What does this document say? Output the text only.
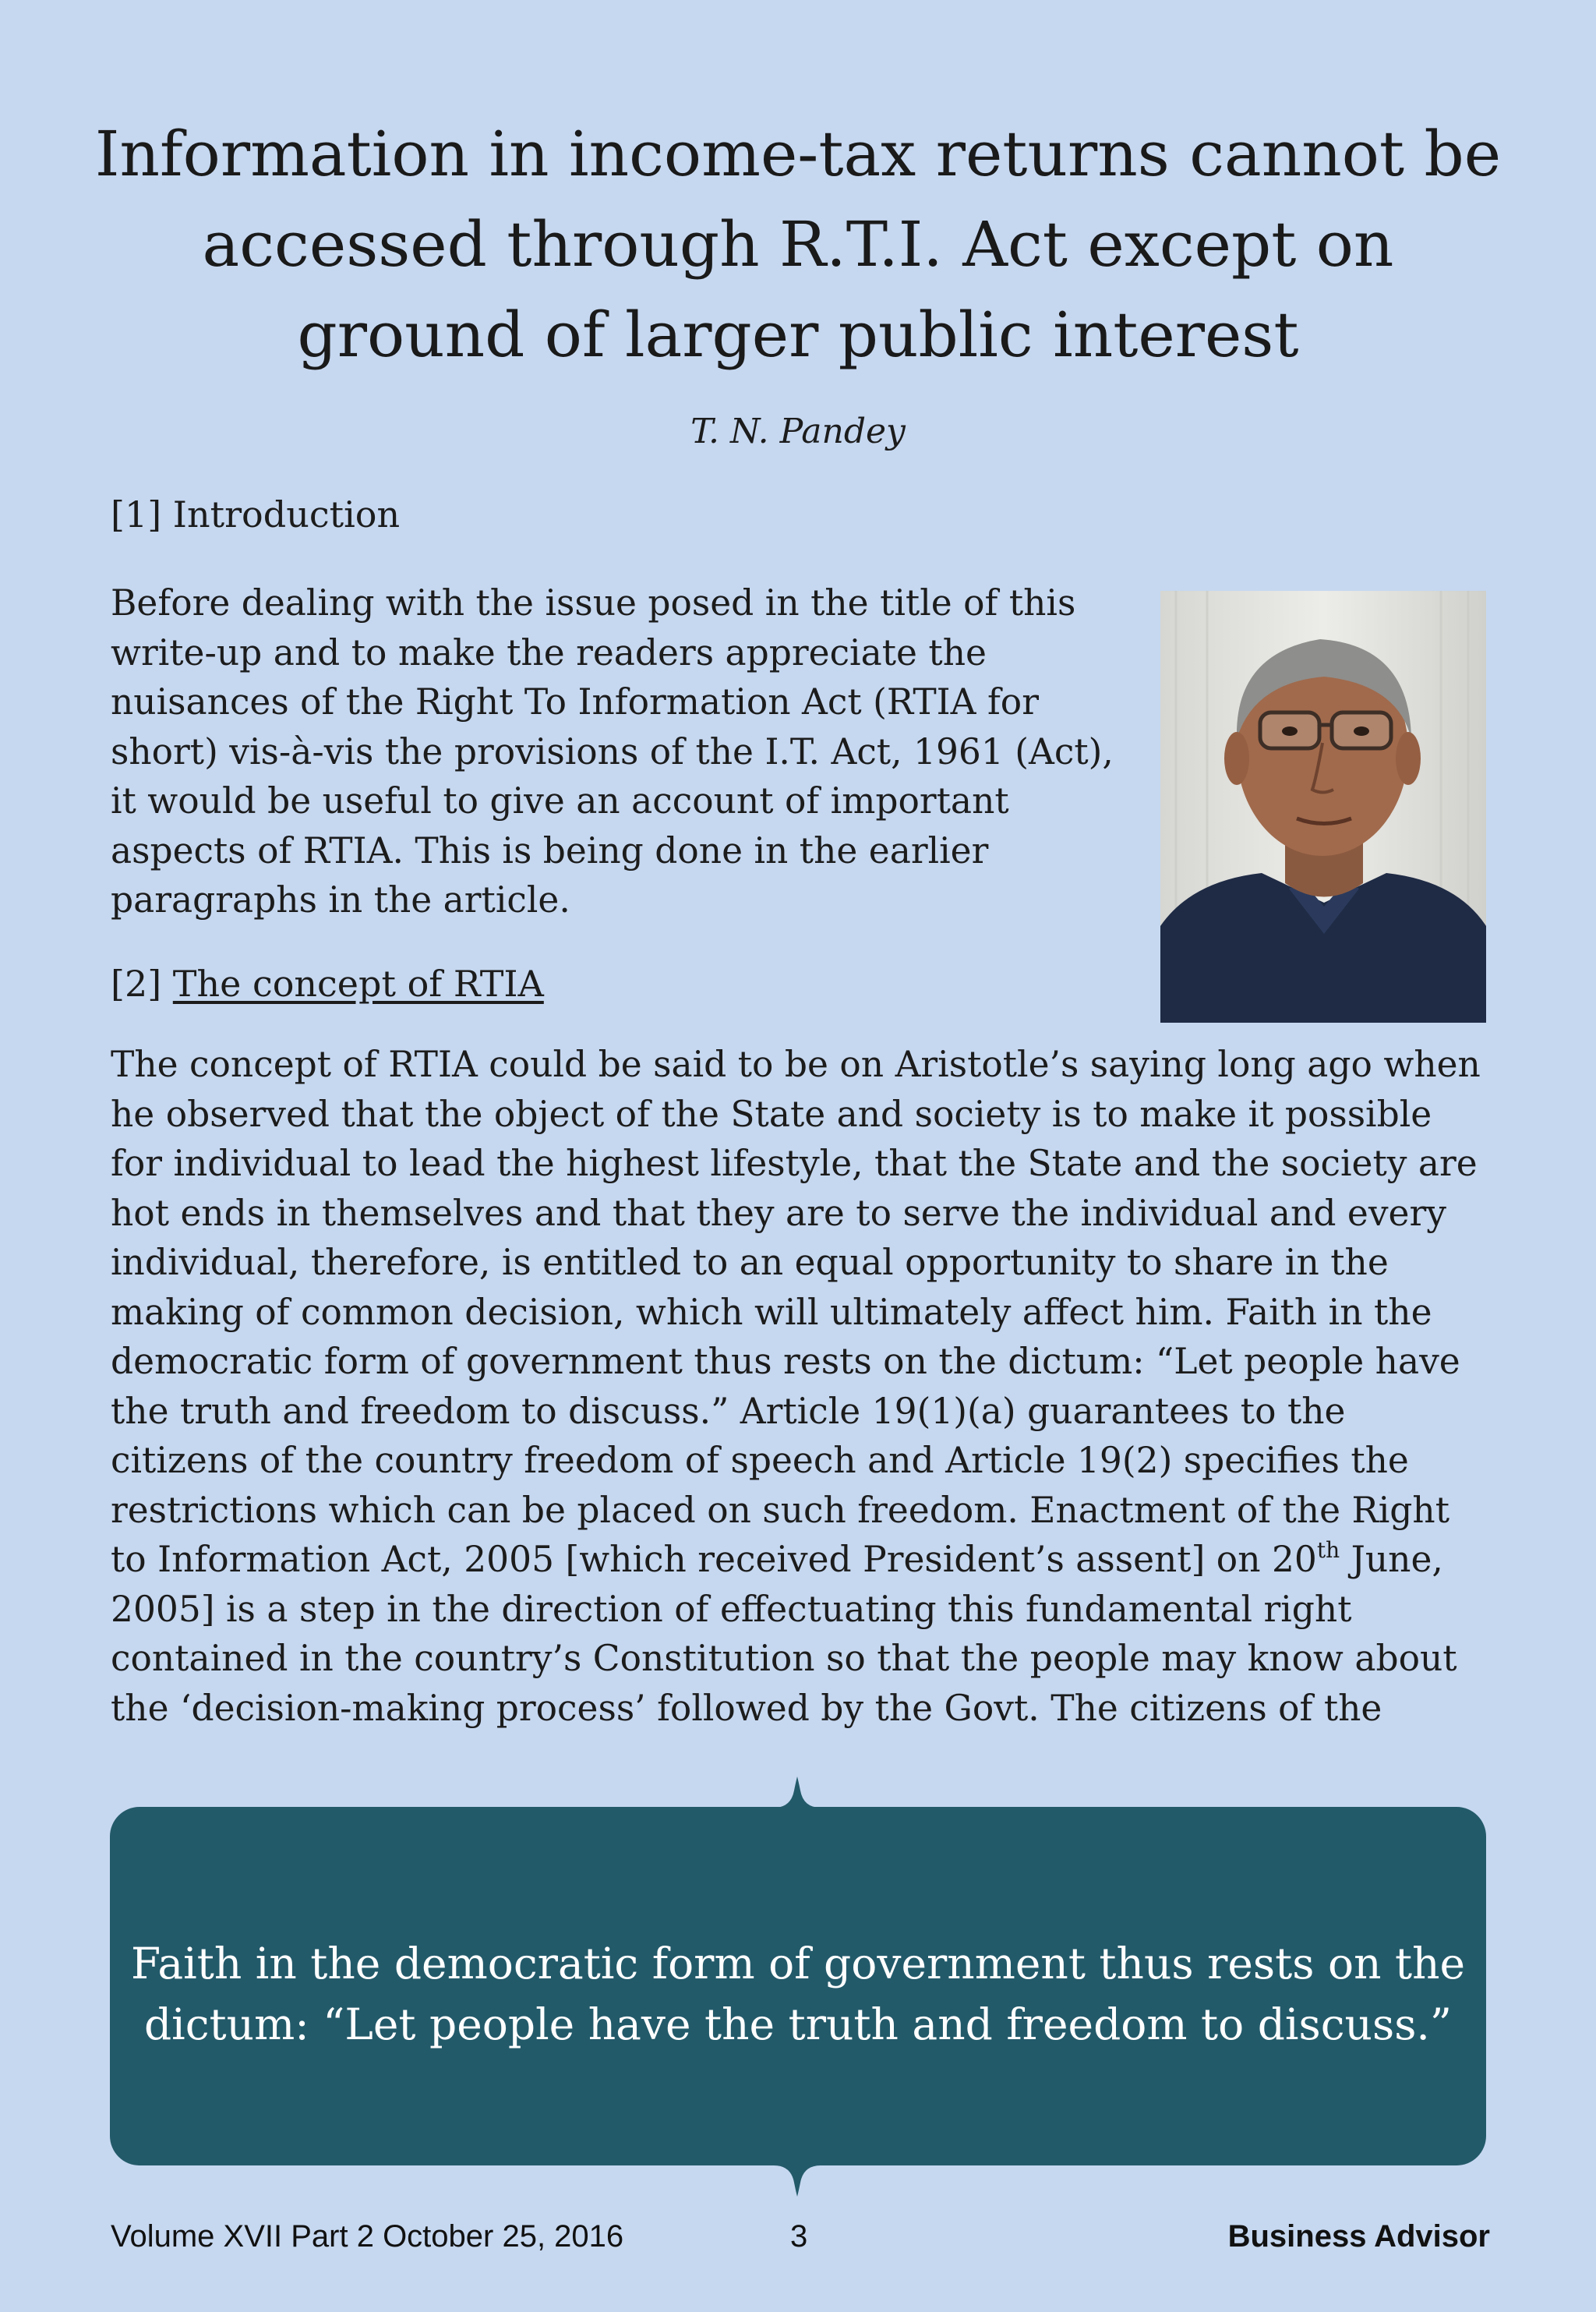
Information in income-tax returns cannot be accessed through R.T.I. Act except on ground of larger public interest
T. N. Pandey
[1] Introduction

Before dealing with the issue posed in the title of this write-up and to make the readers appreciate the nuisances of the Right To Information Act (RTIA for short) vis-à-vis the provisions of the I.T. Act, 1961 (Act), it would be useful to give an account of important aspects of RTIA. This is being done in the earlier paragraphs in the article.

[2] The concept of RTIA

The concept of RTIA could be said to be on Aristotle’s saying long ago when he observed that the object of the State and society is to make it possible for individual to lead the highest lifestyle, that the State and the society are hot ends in themselves and that they are to serve the individual and every individual, therefore, is entitled to an equal opportunity to share in the making of common decision, which will ultimately affect him. Faith in the democratic form of government thus rests on the dictum: “Let people have the truth and freedom to discuss.” Article 19(1)(a) guarantees to the citizens of the country freedom of speech and Article 19(2) specifies the restrictions which can be placed on such freedom. Enactment of the Right to Information Act, 2005 [which received President’s assent] on 20th June, 2005] is a step in the direction of effectuating this fundamental right contained in the country’s Constitution so that the people may know about the ‘decision-making process’ followed by the Govt. The citizens of the

Faith in the democratic form of government thus rests on the dictum: “Let people have the truth and freedom to discuss.”
Volume XVII Part 2 October 25, 2016	3	Business Advisor
